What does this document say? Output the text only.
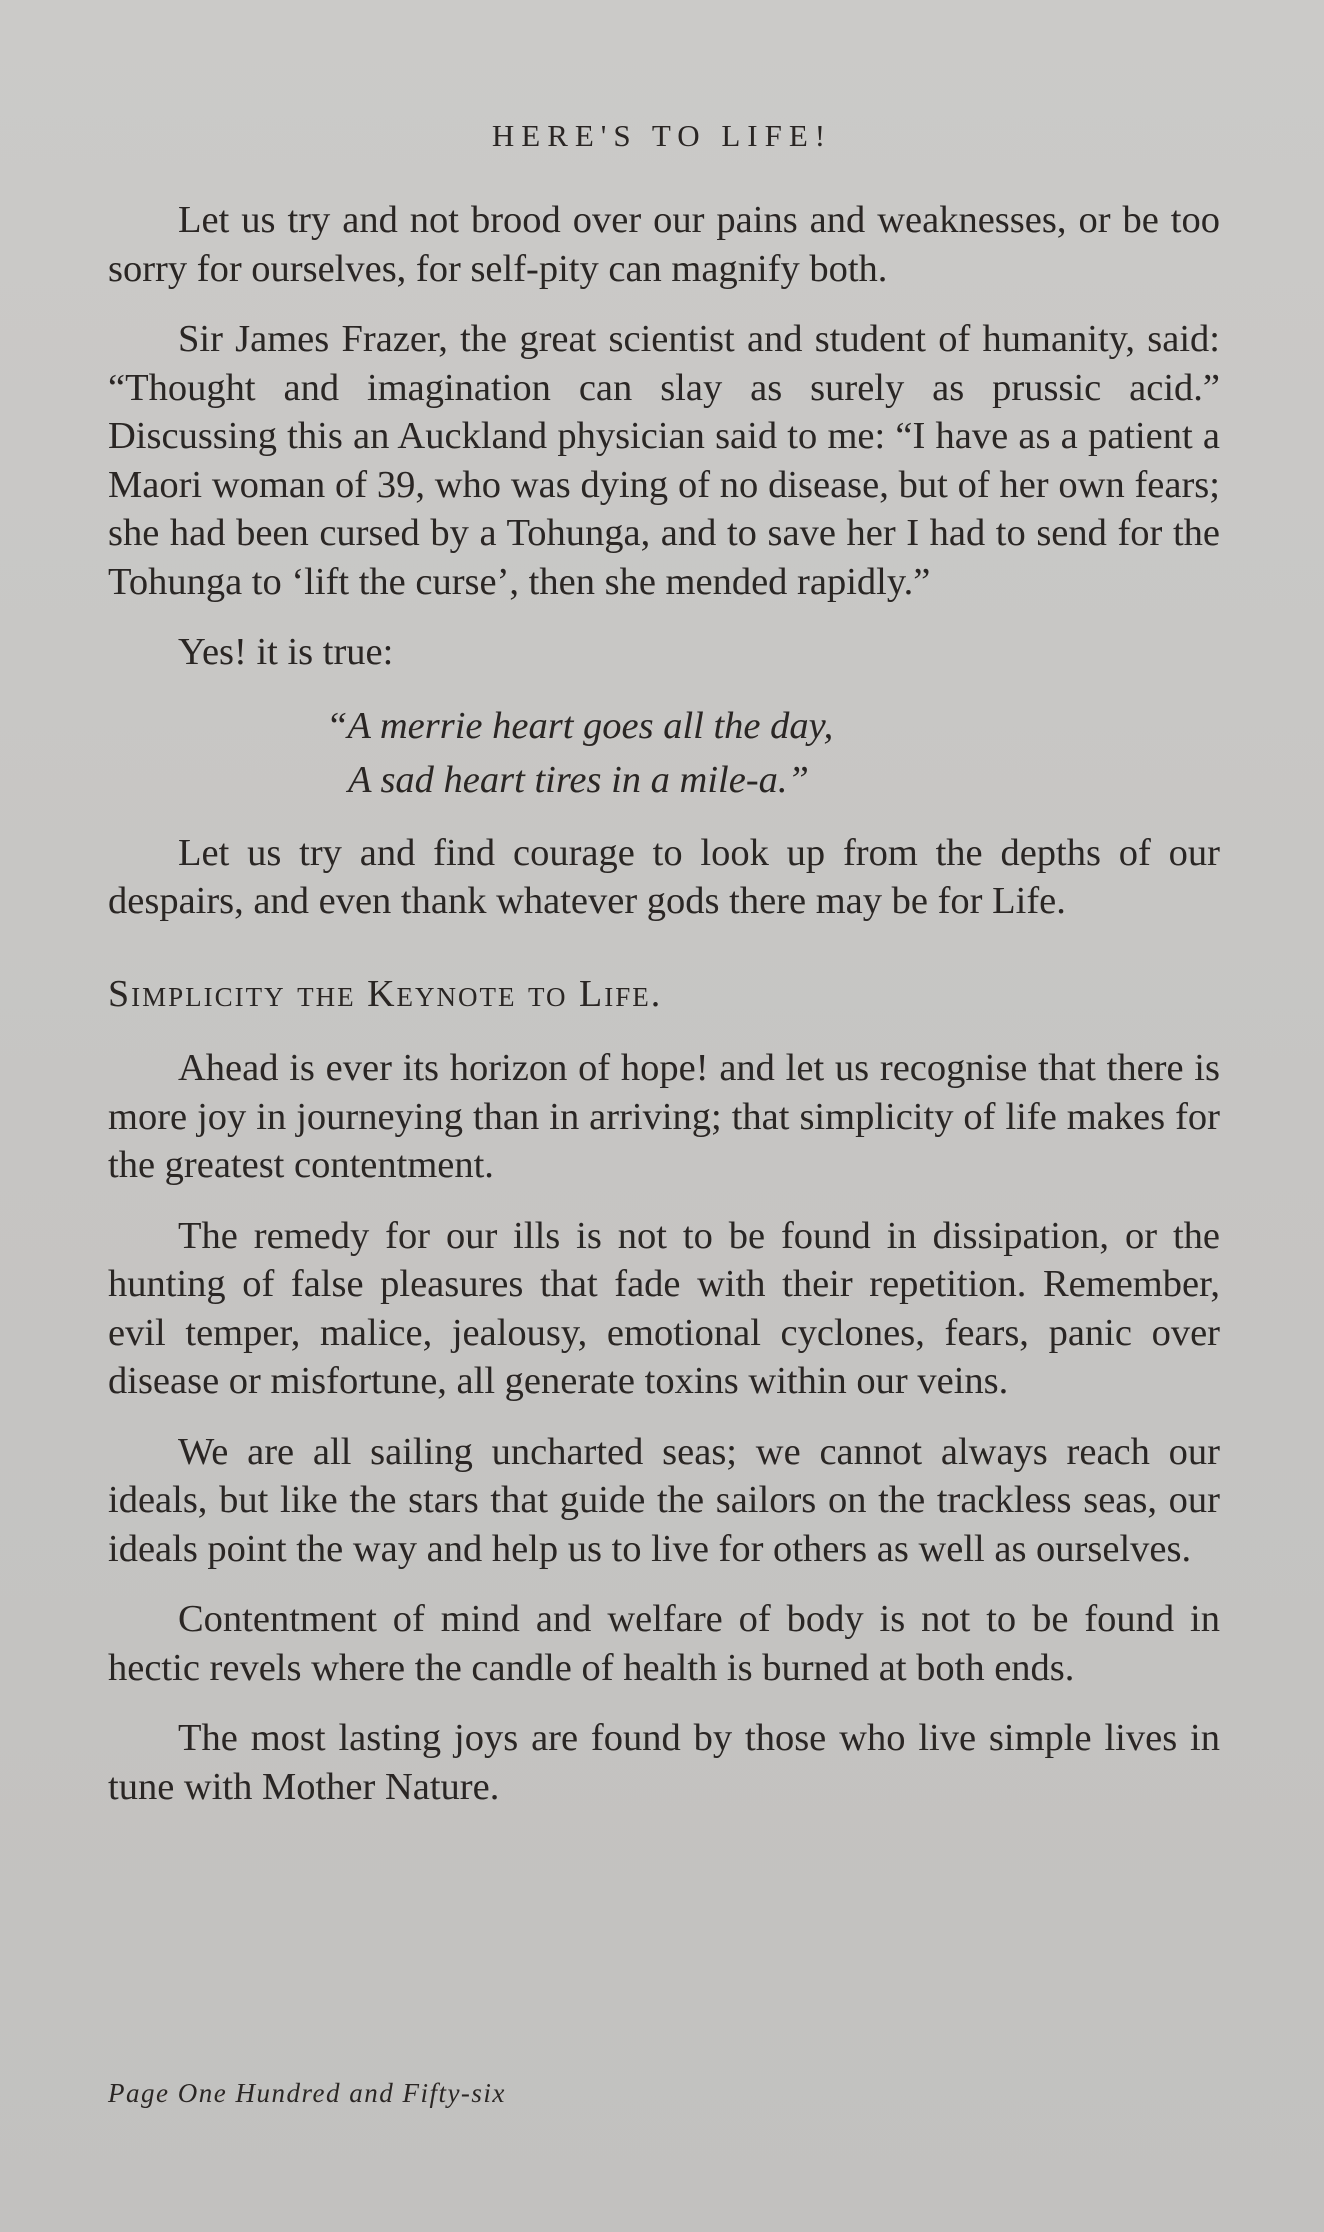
HERE'S TO LIFE!

Let us try and not brood over our pains and weaknesses, or be too sorry for ourselves, for self-pity can magnify both.

Sir James Frazer, the great scientist and student of humanity, said: “Thought and imagination can slay as surely as prussic acid.” Discussing this an Auckland physician said to me: “I have as a patient a Maori woman of 39, who was dying of no disease, but of her own fears; she had been cursed by a Tohunga, and to save her I had to send for the Tohunga to ‘lift the curse’, then she mended rapidly.”

Yes! it is true:

“A merrie heart goes all the day,
A sad heart tires in a mile-a.”

Let us try and find courage to look up from the depths of our despairs, and even thank whatever gods there may be for Life.

Simplicity the Keynote to Life.

Ahead is ever its horizon of hope! and let us recognise that there is more joy in journeying than in arriving; that simplicity of life makes for the greatest contentment.

The remedy for our ills is not to be found in dissipation, or the hunting of false pleasures that fade with their repetition. Remember, evil temper, malice, jealousy, emotional cyclones, fears, panic over disease or misfortune, all generate toxins within our veins.

We are all sailing uncharted seas; we cannot always reach our ideals, but like the stars that guide the sailors on the trackless seas, our ideals point the way and help us to live for others as well as ourselves.

Contentment of mind and welfare of body is not to be found in hectic revels where the candle of health is burned at both ends.

The most lasting joys are found by those who live simple lives in tune with Mother Nature.

Page One Hundred and Fifty-six
